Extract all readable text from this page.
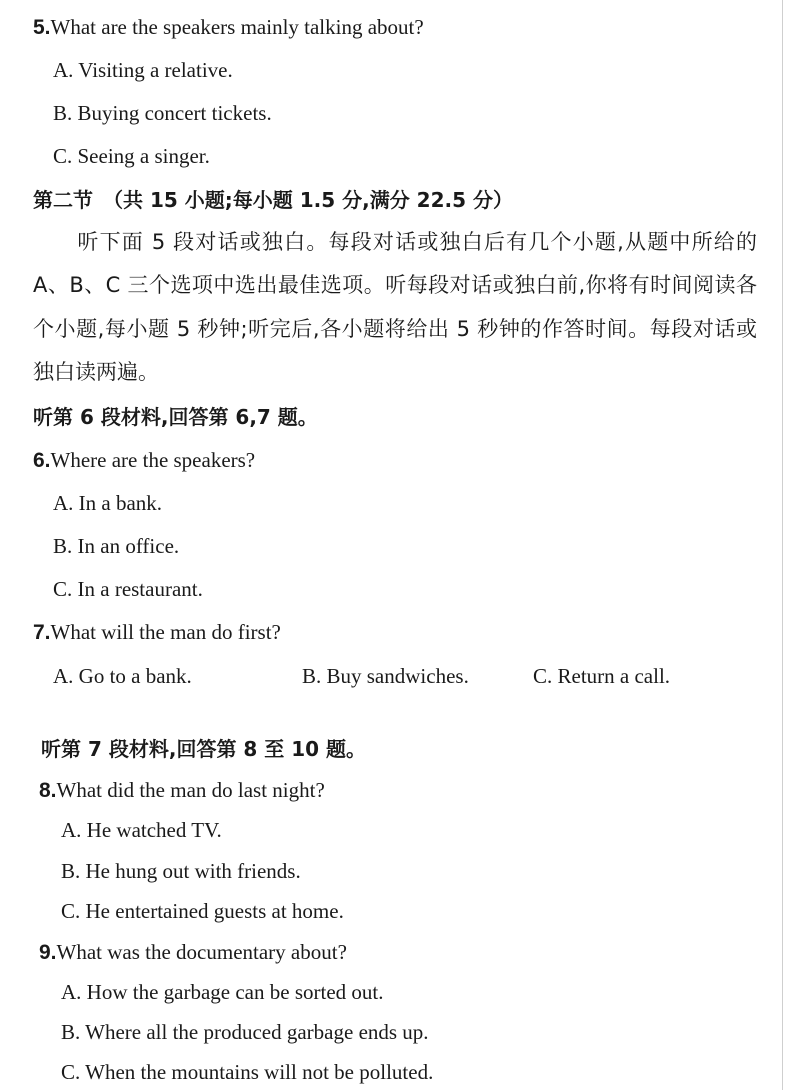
5.What are the speakers mainly talking about?
A. Visiting a relative.
B. Buying concert tickets.
C. Seeing a singer.
第二节　（共 15 小题;每小题 1.5 分,满分 22.5 分）

　　听下面 5 段对话或独白。每段对话或独白后有几个小题,从题中所给的 A、B、C 三个选项中选出最佳选项。听每段对话或独白前,你将有时间阅读各个小题,每小题 5 秒钟;听完后,各小题将给出 5 秒钟的作答时间。每段对话或独白读两遍。

听第 6 段材料,回答第 6,7 题。
6.Where are the speakers?
A. In a bank.
B. In an office.
C. In a restaurant.
7.What will the man do first?
A. Go to a bank.	B. Buy sandwiches.	C. Return a call.
听第 7 段材料,回答第 8 至 10 题。
8.What did the man do last night?
A. He watched TV.
B. He hung out with friends.
C. He entertained guests at home.
9.What was the documentary about?
A. How the garbage can be sorted out.
B. Where all the produced garbage ends up.
C. When the mountains will not be polluted.
